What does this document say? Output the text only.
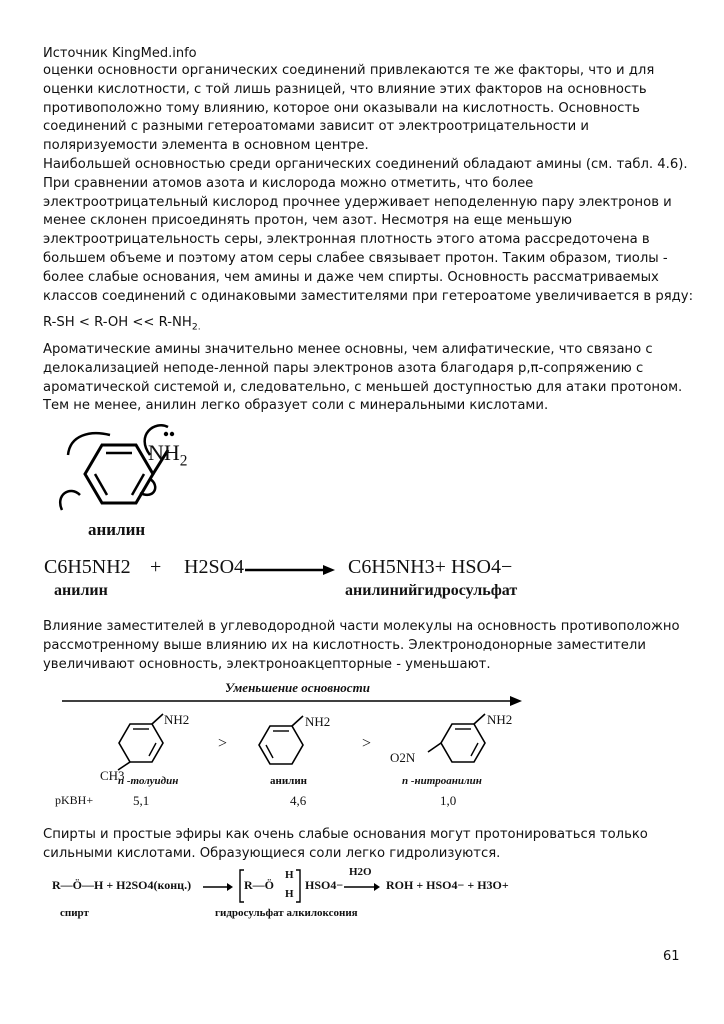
Источник KingMed.info

оценки основности органических соединений привлекаются те же факторы, что и для оценки кислотности, с той лишь разницей, что влияние этих факторов на основность противоположно тому влиянию, которое они оказывали на кислотность. Основность соединений с разными гетероатомами зависит от электроотрицательности и поляризуемости элемента в основном центре.

Наибольшей основностью среди органических соединений обладают амины (см. табл. 4.6). При сравнении атомов азота и кислорода можно отметить, что более электроотрицательный кислород прочнее удерживает неподеленную пару электронов и менее склонен присоединять протон, чем азот. Несмотря на еще меньшую электроотрицательность серы, электронная плотность этого атома рассредоточена в большем объеме и поэтому атом серы слабее связывает протон. Таким образом, тиолы - более слабые основания, чем амины и даже чем спирты. Основность рассматриваемых классов соединений с одинаковыми заместителями при гетероатоме увеличивается в ряду:

$R-SH < R-OH << R-NH_{2.}$

Ароматические амины значительно менее основны, чем алифатические, что связано с делокализацией неподе-ленной пары электронов азота благодаря р,π-сопряжению с ароматической системой и, следовательно, с меньшей доступностью для атаки протоном. Тем не менее, анилин легко образует соли с минеральными кислотами.

$NH_2$
анилин
C6H5NH2 + H2SO4	C6H5NH3+ HSO4−
анилин	анилинийгидросульфат

Влияние заместителей в углеводородной части молекулы на основность противоположно рассмотренному выше влиянию их на кислотность. Электронодонорные заместители увеличивают основность, электроноакцепторные - уменьшают.

Уменьшение основности
NH2
CH3
>
NH2
>
NH2
O2N
п -толуидин	анилин	п -нитроанилин
pKBH+	5,1	4,6	1,0

Спирты и простые эфиры как очень слабые основания могут протонироваться только сильными кислотами. Образующиеся соли легко гидролизуются.

R—Ö—H + H2SO4(конц.)	R—Ö
H
H
HSO4−
H2O
ROH + HSO4− + H3O+
спирт	гидросульфат алкилоксония
61
